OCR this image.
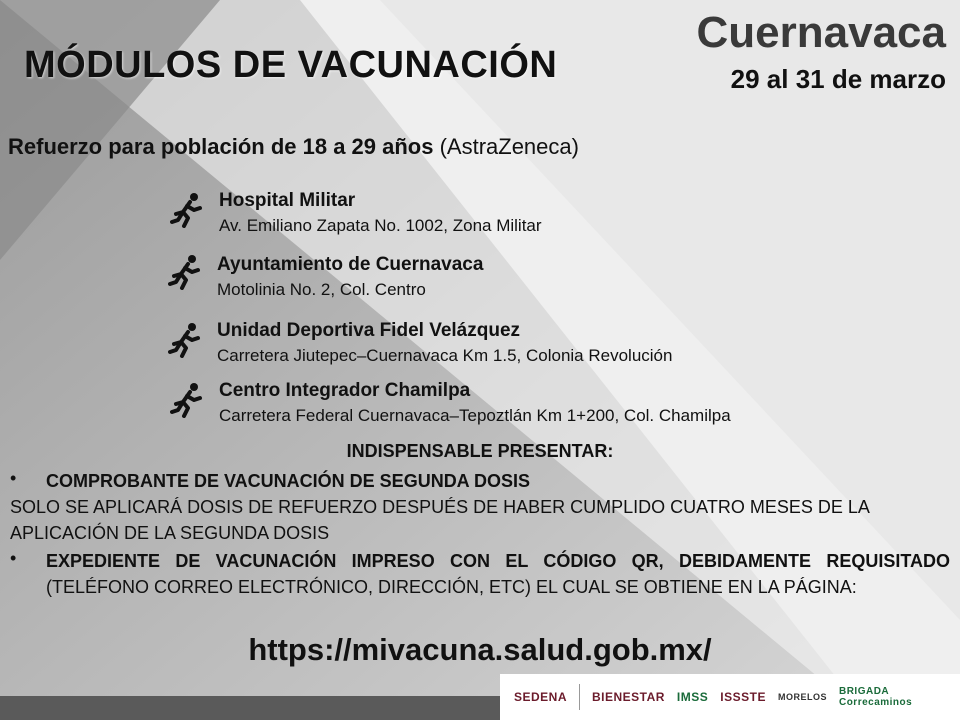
MÓDULOS DE VACUNACIÓN
Cuernavaca
29 al 31 de marzo
Refuerzo para población de 18 a 29 años (AstraZeneca)
Hospital Militar
Av. Emiliano Zapata No. 1002, Zona Militar
Ayuntamiento de Cuernavaca
Motolinia No. 2, Col. Centro
Unidad Deportiva Fidel Velázquez
Carretera Jiutepec–Cuernavaca Km 1.5, Colonia Revolución
Centro Integrador Chamilpa
Carretera Federal Cuernavaca–Tepoztlán Km 1+200, Col. Chamilpa
INDISPENSABLE PRESENTAR:
• COMPROBANTE DE VACUNACIÓN DE SEGUNDA DOSIS
SOLO SE APLICARÁ DOSIS DE REFUERZO DESPUÉS DE HABER CUMPLIDO CUATRO MESES DE LA APLICACIÓN DE LA SEGUNDA DOSIS
• EXPEDIENTE DE VACUNACIÓN IMPRESO CON EL CÓDIGO QR, DEBIDAMENTE REQUISITADO (TELÉFONO CORREO ELECTRÓNICO, DIRECCIÓN, ETC) EL CUAL SE OBTIENE EN LA PÁGINA:
https://mivacuna.salud.gob.mx/
SEDENA BIENESTAR IMSS ISSSTE MORELOS BRIGADA Correcaminos
